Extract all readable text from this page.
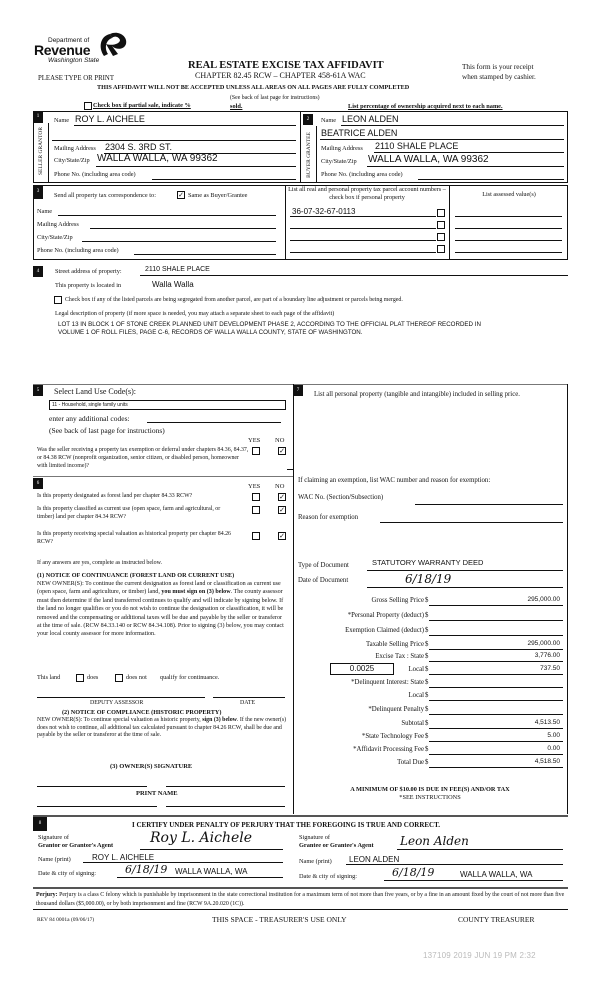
Department of
Revenue
Washington State	REAL ESTATE EXCISE TAX AFFIDAVIT
CHAPTER 82.45 RCW – CHAPTER 458-61A WAC
This form is your receipt
when stamped by cashier.
PLEASE TYPE OR PRINT
THIS AFFIDAVIT WILL NOT BE ACCEPTED UNLESS ALL AREAS ON ALL PAGES ARE FULLY COMPLETED
(See back of last page for instructions)
Check box if partial sale, indicate %	sold.	List percentage of ownership acquired next to each name.
1
SELLER GRANTOR
Name ROY L. AICHELE
Mailing Address 2304 S. 3RD ST.
City/State/Zip WALLA WALLA, WA 99362
Phone No. (including area code)
2
BUYER GRANTEE
Name LEON ALDEN
BEATRICE ALDEN
Mailing Address 2110 SHALE PLACE
City/State/Zip WALLA WALLA, WA 99362
Phone No. (including area code)
3
Send all property tax correspondence to:	✓ Same as Buyer/Grantee
Name
Mailing Address
City/State/Zip
Phone No. (including area code)
List all real and personal property tax parcel account numbers – check box if personal property	List assessed value(s)
36-07-32-67-0113
4	Street address of property:	2110 SHALE PLACE
This property is located in	Walla Walla
Check box if any of the listed parcels are being segregated from another parcel, are part of a boundary line adjustment or parcels being merged.
Legal description of property (if more space is needed, you may attach a separate sheet to each page of the affidavit)
LOT 13 IN BLOCK 1 OF STONE CREEK PLANNED UNIT DEVELOPMENT PHASE 2, ACCORDING TO THE OFFICIAL PLAT THEREOF RECORDED IN VOLUME 1 OF ROLL FILES, PAGE C-6, RECORDS OF WALLA WALLA COUNTY, STATE OF WASHINGTON.
5	Select Land Use Code(s):
11 - Household, single family units
enter any additional codes:
(See back of last page for instructions)
YES NO
Was the seller receiving a property tax exemption or deferral under chapters 84.36, 84.37, or 84.38 RCW (nonprofit organization, senior citizen, or disabled person, homeowner with limited income)?
✓
6	YES NO
Is this property designated as forest land per chapter 84.33 RCW?	✓
Is this property classified as current use (open space, farm and agricultural, or timber) land per chapter 84.34 RCW?
✓
Is this property receiving special valuation as historical property per chapter 84.26 RCW?
✓
If any answers are yes, complete as instructed below.
(1) NOTICE OF CONTINUANCE (FOREST LAND OR CURRENT USE)
NEW OWNER(S): To continue the current designation as forest land or classification as current use (open space, farm and agriculture, or timber) land, you must sign on (3) below. The county assessor must then determine if the land transferred continues to qualify and will indicate by signing below. If the land no longer qualifies or you do not wish to continue the designation or classification, it will be removed and the compensating or additional taxes will be due and payable by the seller or transferor at the time of sale. (RCW 84.33.140 or RCW 84.34.108). Prior to signing (3) below, you may contact your local county assessor for more information.
This land	does	does not qualify for continuance.
DEPUTY ASSESSOR	DATE
(2) NOTICE OF COMPLIANCE (HISTORIC PROPERTY)
NEW OWNER(S): To continue special valuation as historic property, sign (3) below. If the new owner(s) does not wish to continue, all additional tax calculated pursuant to chapter 84.26 RCW, shall be due and payable by the seller or transferor at the time of sale.
(3) OWNER(S) SIGNATURE
PRINT NAME
7
List all personal property (tangible and intangible) included in selling price.
If claiming an exemption, list WAC number and reason for exemption:
WAC No. (Section/Subsection)
Reason for exemption
Type of Document	STATUTORY WARRANTY DEED
Date of Document	6/18/19
Gross Selling Price $	295,000.00
*Personal Property (deduct) $
Exemption Claimed (deduct) $
Taxable Selling Price $	295,000.00
Excise Tax : State $	3,776.00
0.0025	Local $	737.50
*Delinquent Interest: State $
Local $
*Delinquent Penalty $
Subtotal $	4,513.50
*State Technology Fee $	5.00
*Affidavit Processing Fee $	0.00
Total Due $	4,518.50
A MINIMUM OF $10.00 IS DUE IN FEE(S) AND/OR TAX
*SEE INSTRUCTIONS
8	I CERTIFY UNDER PENALTY OF PERJURY THAT THE FOREGOING IS TRUE AND CORRECT.
Signature of
Grantor or Grantor's Agent	Roy L. Aichele
Name (print)	ROY L. AICHELE
Date & city of signing:	6/18/19 WALLA WALLA, WA
Signature of
Grantee or Grantee's Agent Leon Alden
Name (print) LEON ALDEN
Date & city of signing:	6/18/19	WALLA WALLA, WA
Perjury: Perjury is a class C felony which is punishable by imprisonment in the state correctional institution for a maximum term of not more than five years, or by a fine in an amount fixed by the court of not more than five thousand dollars ($5,000.00), or by both imprisonment and fine (RCW 9A.20.020 (1C)).
REV 84 0001a (09/06/17)	THIS SPACE - TREASURER'S USE ONLY	COUNTY TREASURER
137109 2019 JUN 19 PM 2:32
